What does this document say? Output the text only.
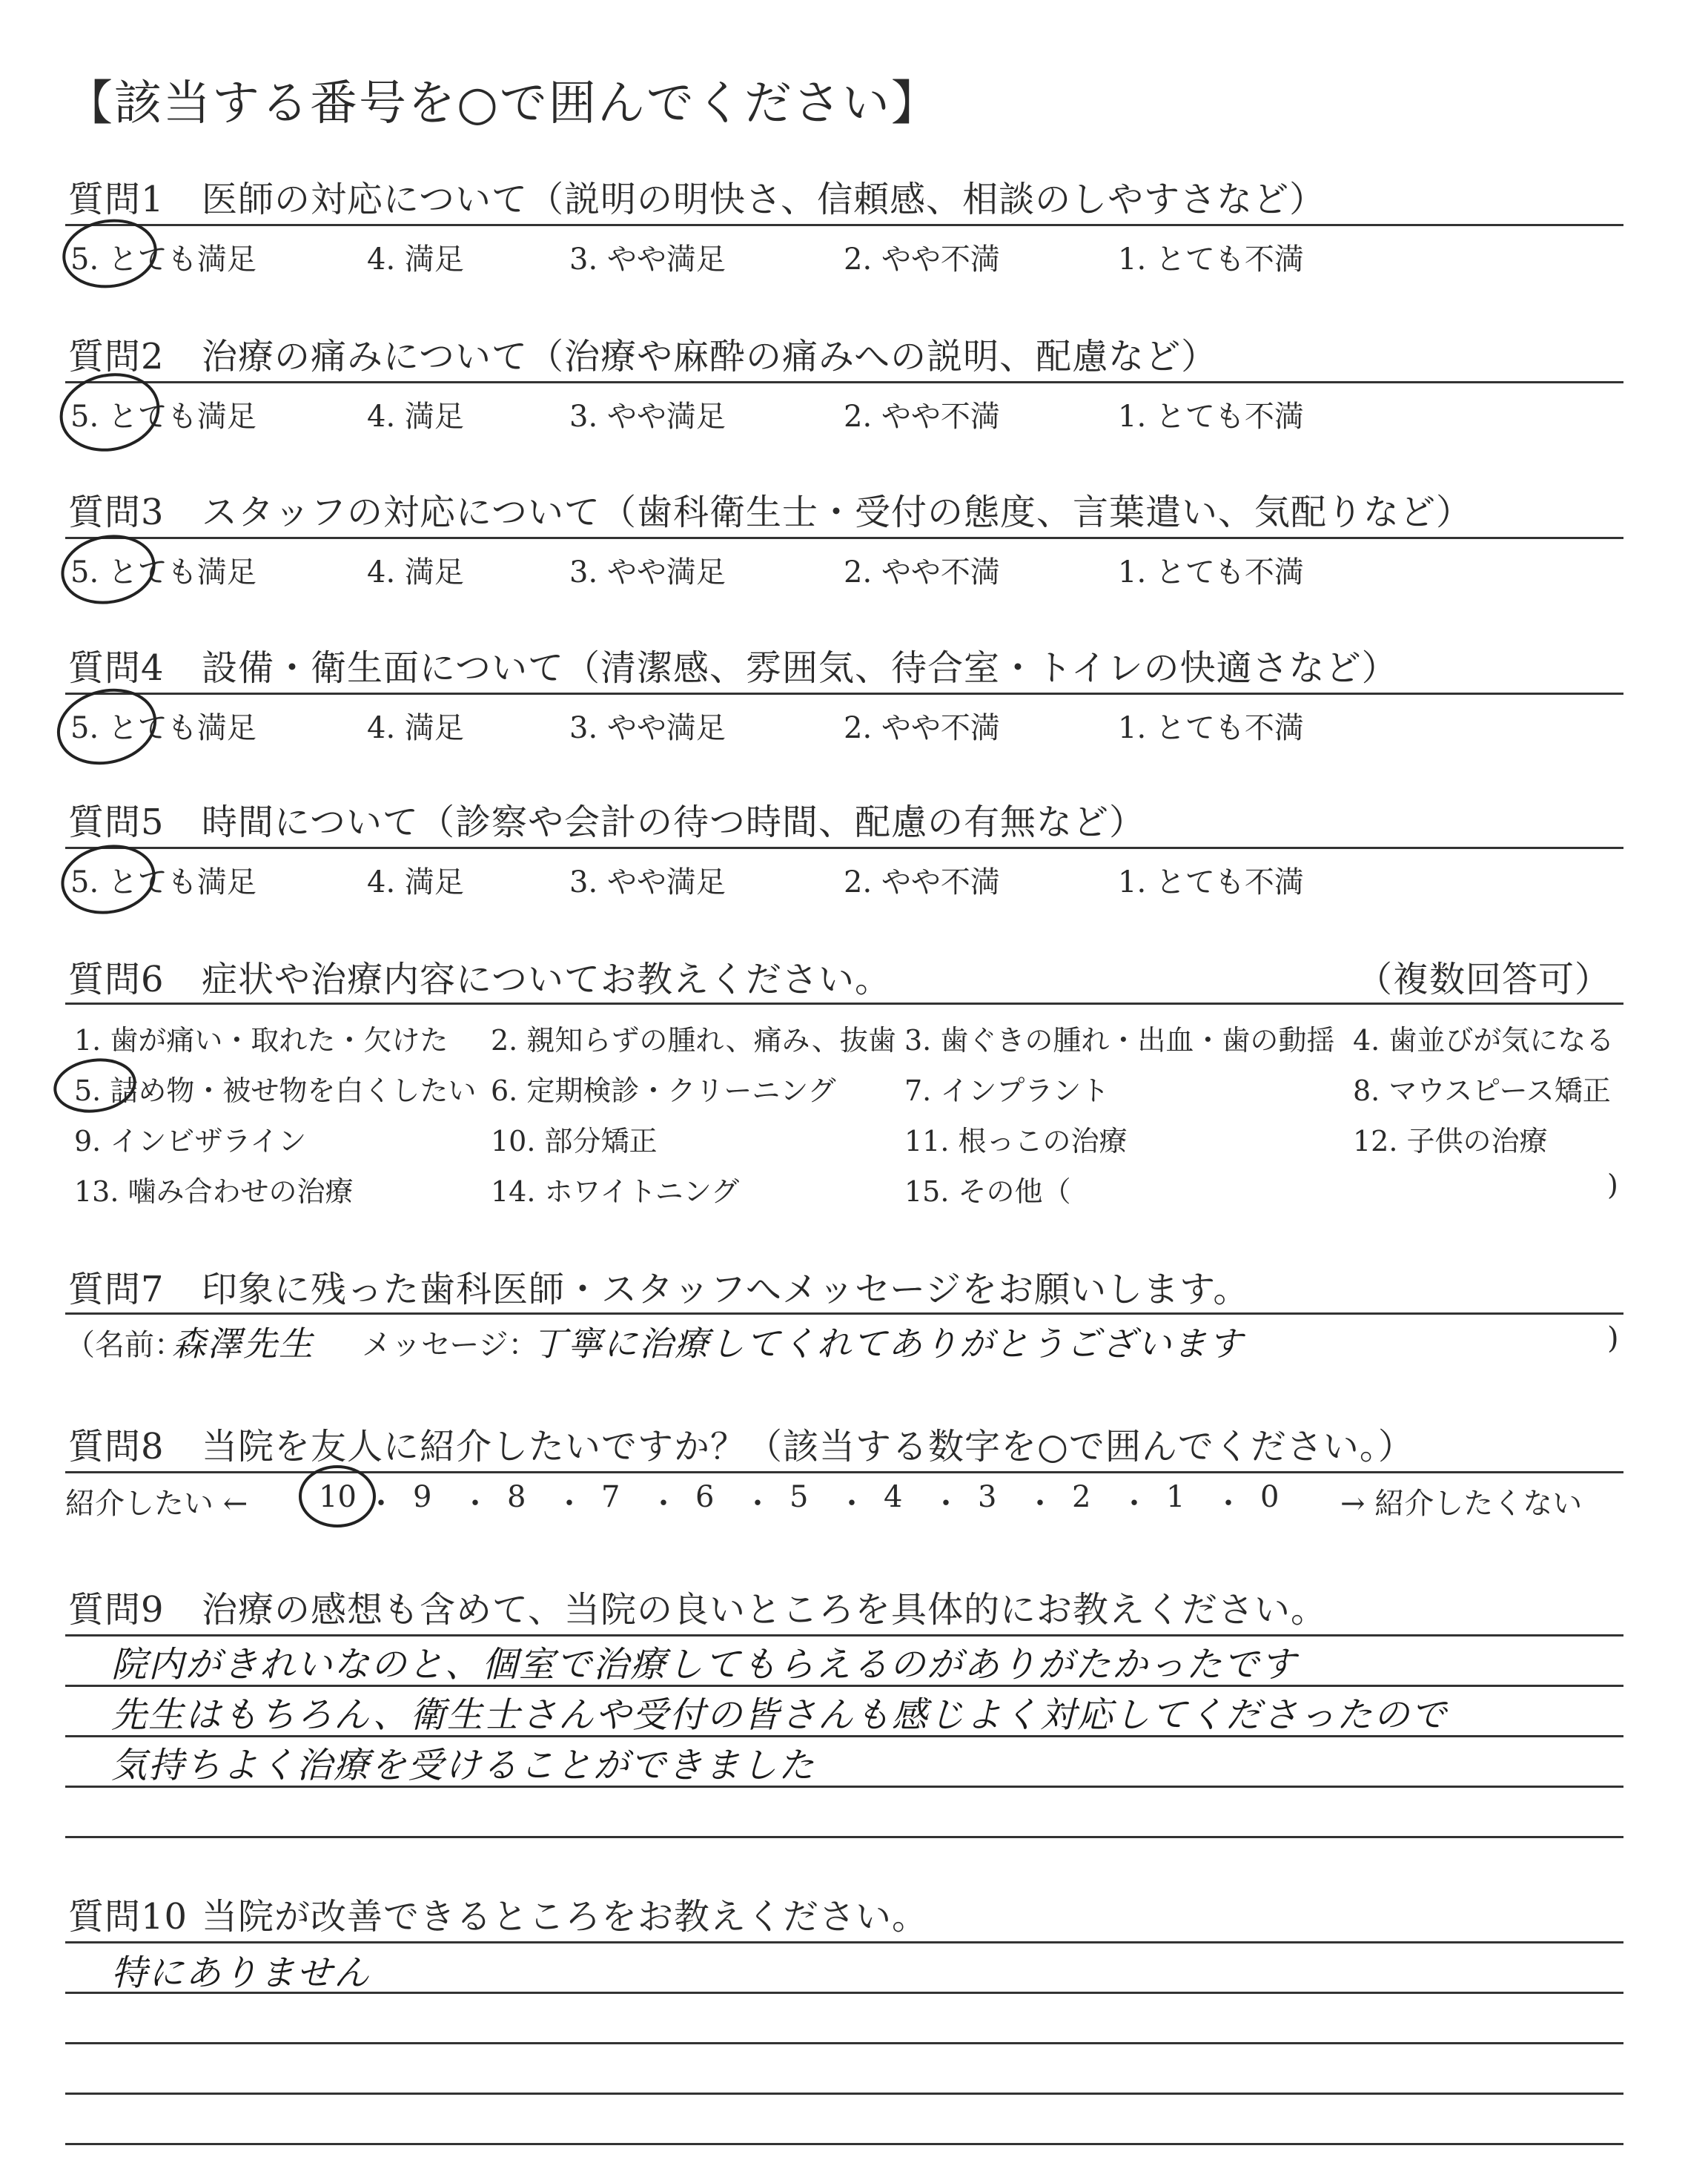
【該当する番号を○で囲んでください】
質問1 医師の対応について（説明の明快さ、信頼感、相談のしやすさなど）
5. とても満足	4. 満足	3. やや満足	2. やや不満	1. とても不満
質問2 治療の痛みについて（治療や麻酔の痛みへの説明、配慮など）
5. とても満足	4. 満足	3. やや満足	2. やや不満	1. とても不満
質問3 スタッフの対応について（歯科衛生士・受付の態度、言葉遣い、気配りなど）
5. とても満足	4. 満足	3. やや満足	2. やや不満	1. とても不満
質問4 設備・衛生面について（清潔感、雰囲気、待合室・トイレの快適さなど）
5. とても満足	4. 満足	3. やや満足	2. やや不満	1. とても不満
質問5 時間について（診察や会計の待つ時間、配慮の有無など）
5. とても満足	4. 満足	3. やや満足	2. やや不満	1. とても不満
質問6 症状や治療内容についてお教えください。	（複数回答可）
1. 歯が痛い・取れた・欠けた 2. 親知らずの腫れ、痛み、抜歯 3. 歯ぐきの腫れ・出血・歯の動揺 4. 歯並びが気になる
5. 詰め物・被せ物を白くしたい 6. 定期検診・クリーニング 7. インプラント	8. マウスピース矯正
9. インビザライン	10. 部分矯正	11. 根っこの治療	12. 子供の治療
13. 噛み合わせの治療	14. ホワイトニング	15. その他（	)
質問7 印象に残った歯科医師・スタッフへメッセージをお願いします。
（名前：
森澤先生 メッセージ：
丁寧に治療してくれてありがとうございます	)
質問8 当院を友人に紹介したいですか？（該当する数字を○で囲んでください。）
紹介したい ← 10 ・ 9 ・ 8 ・ 7 ・ 6 ・ 5 ・ 4 ・ 3 ・ 2 ・ 1 ・ 0 → 紹介したくない
質問9 治療の感想も含めて、当院の良いところを具体的にお教えください。
院内がきれいなのと、個室で治療してもらえるのがありがたかったです
先生はもちろん、衛生士さんや受付の皆さんも感じよく対応してくださったので
気持ちよく治療を受けることができました
質問10 当院が改善できるところをお教えください。
特にありません
